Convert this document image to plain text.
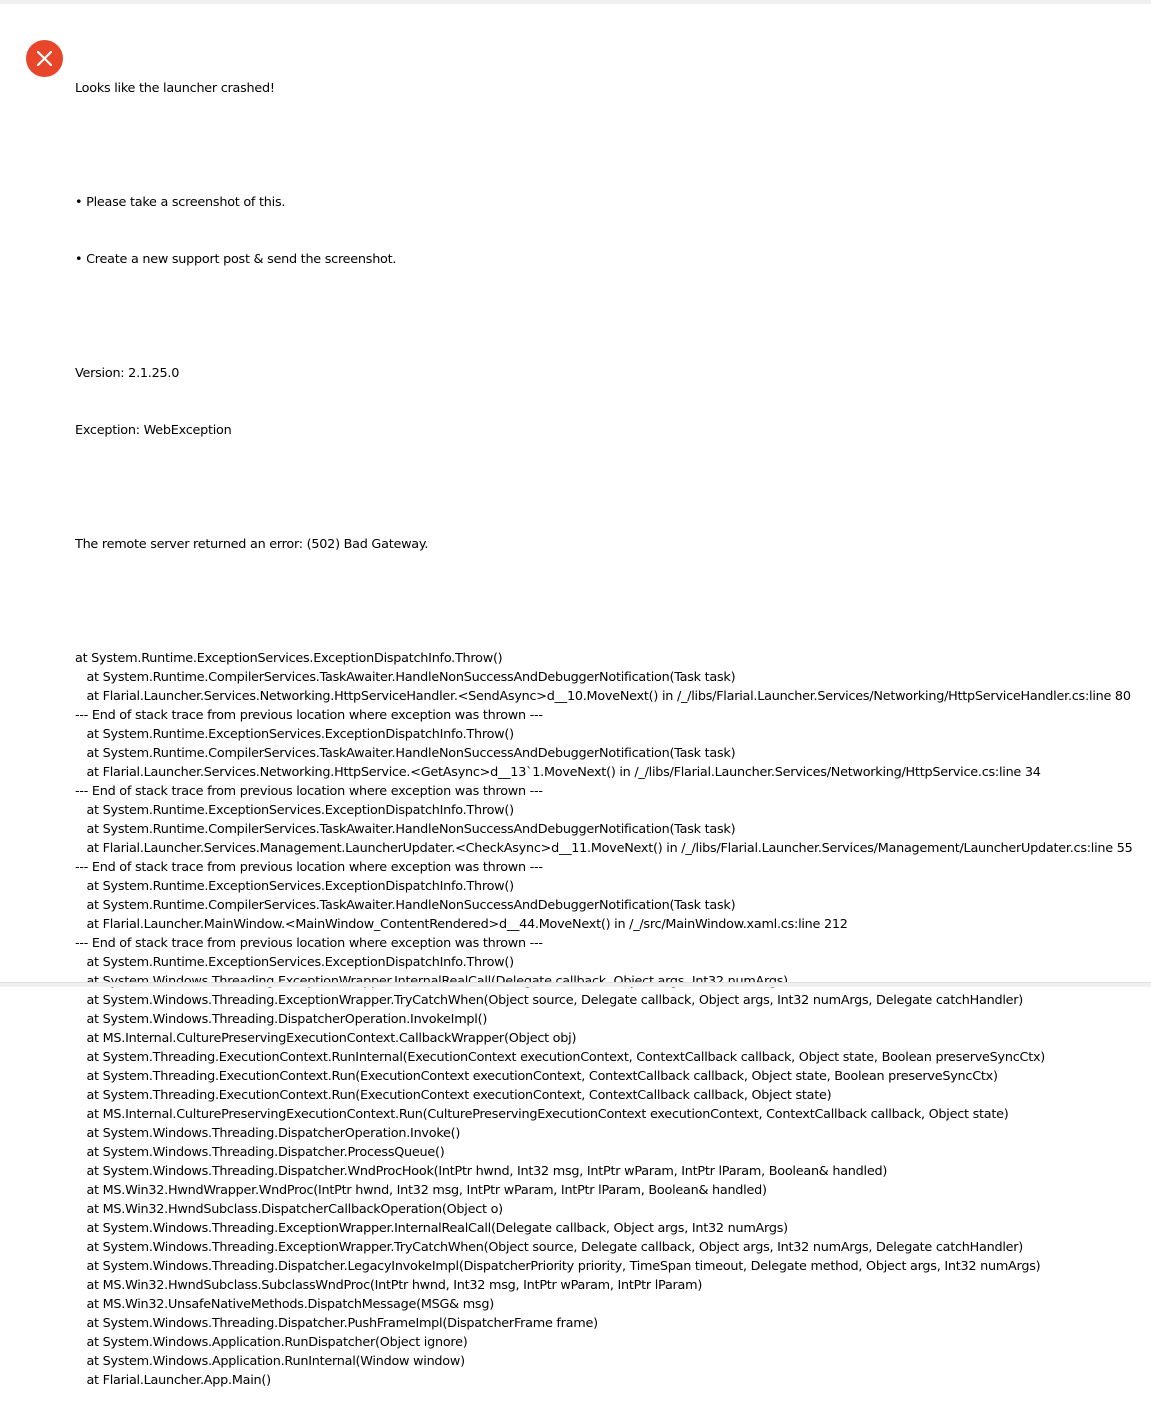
Looks like the launcher crashed!

• Please take a screenshot of this.

• Create a new support post & send the screenshot.

Version: 2.1.25.0

Exception: WebException

The remote server returned an error: (502) Bad Gateway.

at System.Runtime.ExceptionServices.ExceptionDispatchInfo.Throw()
at System.Runtime.CompilerServices.TaskAwaiter.HandleNonSuccessAndDebuggerNotification(Task task)
at Flarial.Launcher.Services.Networking.HttpServiceHandler.<SendAsync>d__10.MoveNext() in /_/libs/Flarial.Launcher.Services/Networking/HttpServiceHandler.cs:line 80
--- End of stack trace from previous location where exception was thrown ---
at System.Runtime.ExceptionServices.ExceptionDispatchInfo.Throw()
at System.Runtime.CompilerServices.TaskAwaiter.HandleNonSuccessAndDebuggerNotification(Task task)
at Flarial.Launcher.Services.Networking.HttpService.<GetAsync>d__13`1.MoveNext() in /_/libs/Flarial.Launcher.Services/Networking/HttpService.cs:line 34
--- End of stack trace from previous location where exception was thrown ---
at System.Runtime.ExceptionServices.ExceptionDispatchInfo.Throw()
at System.Runtime.CompilerServices.TaskAwaiter.HandleNonSuccessAndDebuggerNotification(Task task)
at Flarial.Launcher.Services.Management.LauncherUpdater.<CheckAsync>d__11.MoveNext() in /_/libs/Flarial.Launcher.Services/Management/LauncherUpdater.cs:line 55
--- End of stack trace from previous location where exception was thrown ---
at System.Runtime.ExceptionServices.ExceptionDispatchInfo.Throw()
at System.Runtime.CompilerServices.TaskAwaiter.HandleNonSuccessAndDebuggerNotification(Task task)
at Flarial.Launcher.MainWindow.<MainWindow_ContentRendered>d__44.MoveNext() in /_/src/MainWindow.xaml.cs:line 212
--- End of stack trace from previous location where exception was thrown ---
at System.Runtime.ExceptionServices.ExceptionDispatchInfo.Throw()
at System.Windows.Threading.ExceptionWrapper.TryCatchWhen(Object source, Delegate callback, Object args, Int32 numArgs, Delegate catchHandler)
at System.Windows.Threading.DispatcherOperation.InvokeImpl()
at MS.Internal.CulturePreservingExecutionContext.CallbackWrapper(Object obj)
at System.Threading.ExecutionContext.RunInternal(ExecutionContext executionContext, ContextCallback callback, Object state, Boolean preserveSyncCtx)
at System.Threading.ExecutionContext.Run(ExecutionContext executionContext, ContextCallback callback, Object state, Boolean preserveSyncCtx)
at System.Threading.ExecutionContext.Run(ExecutionContext executionContext, ContextCallback callback, Object state)
at MS.Internal.CulturePreservingExecutionContext.Run(CulturePreservingExecutionContext executionContext, ContextCallback callback, Object state)
at System.Windows.Threading.DispatcherOperation.Invoke()
at System.Windows.Threading.Dispatcher.ProcessQueue()
at System.Windows.Threading.Dispatcher.WndProcHook(IntPtr hwnd, Int32 msg, IntPtr wParam, IntPtr lParam, Boolean& handled)
at MS.Win32.HwndWrapper.WndProc(IntPtr hwnd, Int32 msg, IntPtr wParam, IntPtr lParam, Boolean& handled)
at MS.Win32.HwndSubclass.DispatcherCallbackOperation(Object o)
at System.Windows.Threading.ExceptionWrapper.InternalRealCall(Delegate callback, Object args, Int32 numArgs)
at System.Windows.Threading.ExceptionWrapper.TryCatchWhen(Object source, Delegate callback, Object args, Int32 numArgs, Delegate catchHandler)
at System.Windows.Threading.Dispatcher.LegacyInvokeImpl(DispatcherPriority priority, TimeSpan timeout, Delegate method, Object args, Int32 numArgs)
at MS.Win32.HwndSubclass.SubclassWndProc(IntPtr hwnd, Int32 msg, IntPtr wParam, IntPtr lParam)
at MS.Win32.UnsafeNativeMethods.DispatchMessage(MSG& msg)
at System.Windows.Threading.Dispatcher.PushFrameImpl(DispatcherFrame frame)
at System.Windows.Application.RunDispatcher(Object ignore)
at System.Windows.Application.RunInternal(Window window)
at Flarial.Launcher.App.Main()
